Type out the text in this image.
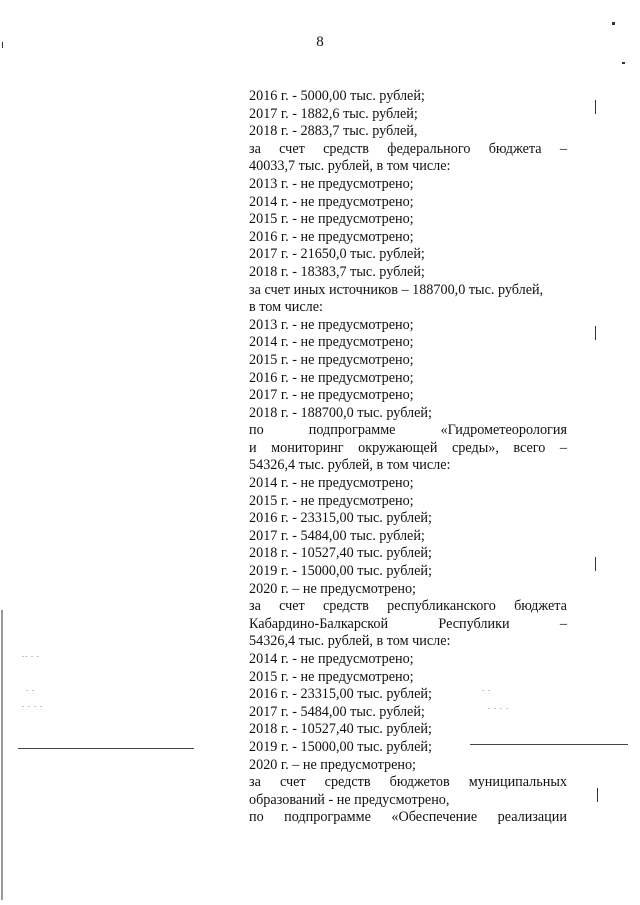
8
2016 г. - 5000,00 тыс. рублей;
2017 г. - 1882,6 тыс. рублей;
2018 г. - 2883,7 тыс. рублей,
за счет средств федерального бюджета –
40033,7 тыс. рублей, в том числе:
2013 г. - не предусмотрено;
2014 г. - не предусмотрено;
2015 г. - не предусмотрено;
2016 г. - не предусмотрено;
2017 г. - 21650,0 тыс. рублей;
2018 г. - 18383,7 тыс. рублей;
за счет иных источников – 188700,0 тыс. рублей,
в том числе:
2013 г. - не предусмотрено;
2014 г. - не предусмотрено;
2015 г. - не предусмотрено;
2016 г. - не предусмотрено;
2017 г. - не предусмотрено;
2018 г. - 188700,0 тыс. рублей;
по	подпрограмме	«Гидрометеорология
и мониторинг окружающей среды», всего –
54326,4 тыс. рублей, в том числе:
2014 г. - не предусмотрено;
2015 г. - не предусмотрено;
2016 г. - 23315,00 тыс. рублей;
2017 г. - 5484,00 тыс. рублей;
2018 г. - 10527,40 тыс. рублей;
2019 г. - 15000,00 тыс. рублей;
2020 г. – не предусмотрено;
за счет средств республиканского бюджета
Кабардино-Балкарской	Республики	–
54326,4 тыс. рублей, в том числе:
2014 г. - не предусмотрено;
2015 г. - не предусмотрено;
2016 г. - 23315,00 тыс. рублей;
2017 г. - 5484,00 тыс. рублей;
2018 г. - 10527,40 тыс. рублей;
2019 г. - 15000,00 тыс. рублей;
2020 г. – не предусмотрено;
за счет средств бюджетов муниципальных
образований - не предусмотрено,
по подпрограмме «Обеспечение реализации
.. . .
. .
. . . .
. .
. . . .
